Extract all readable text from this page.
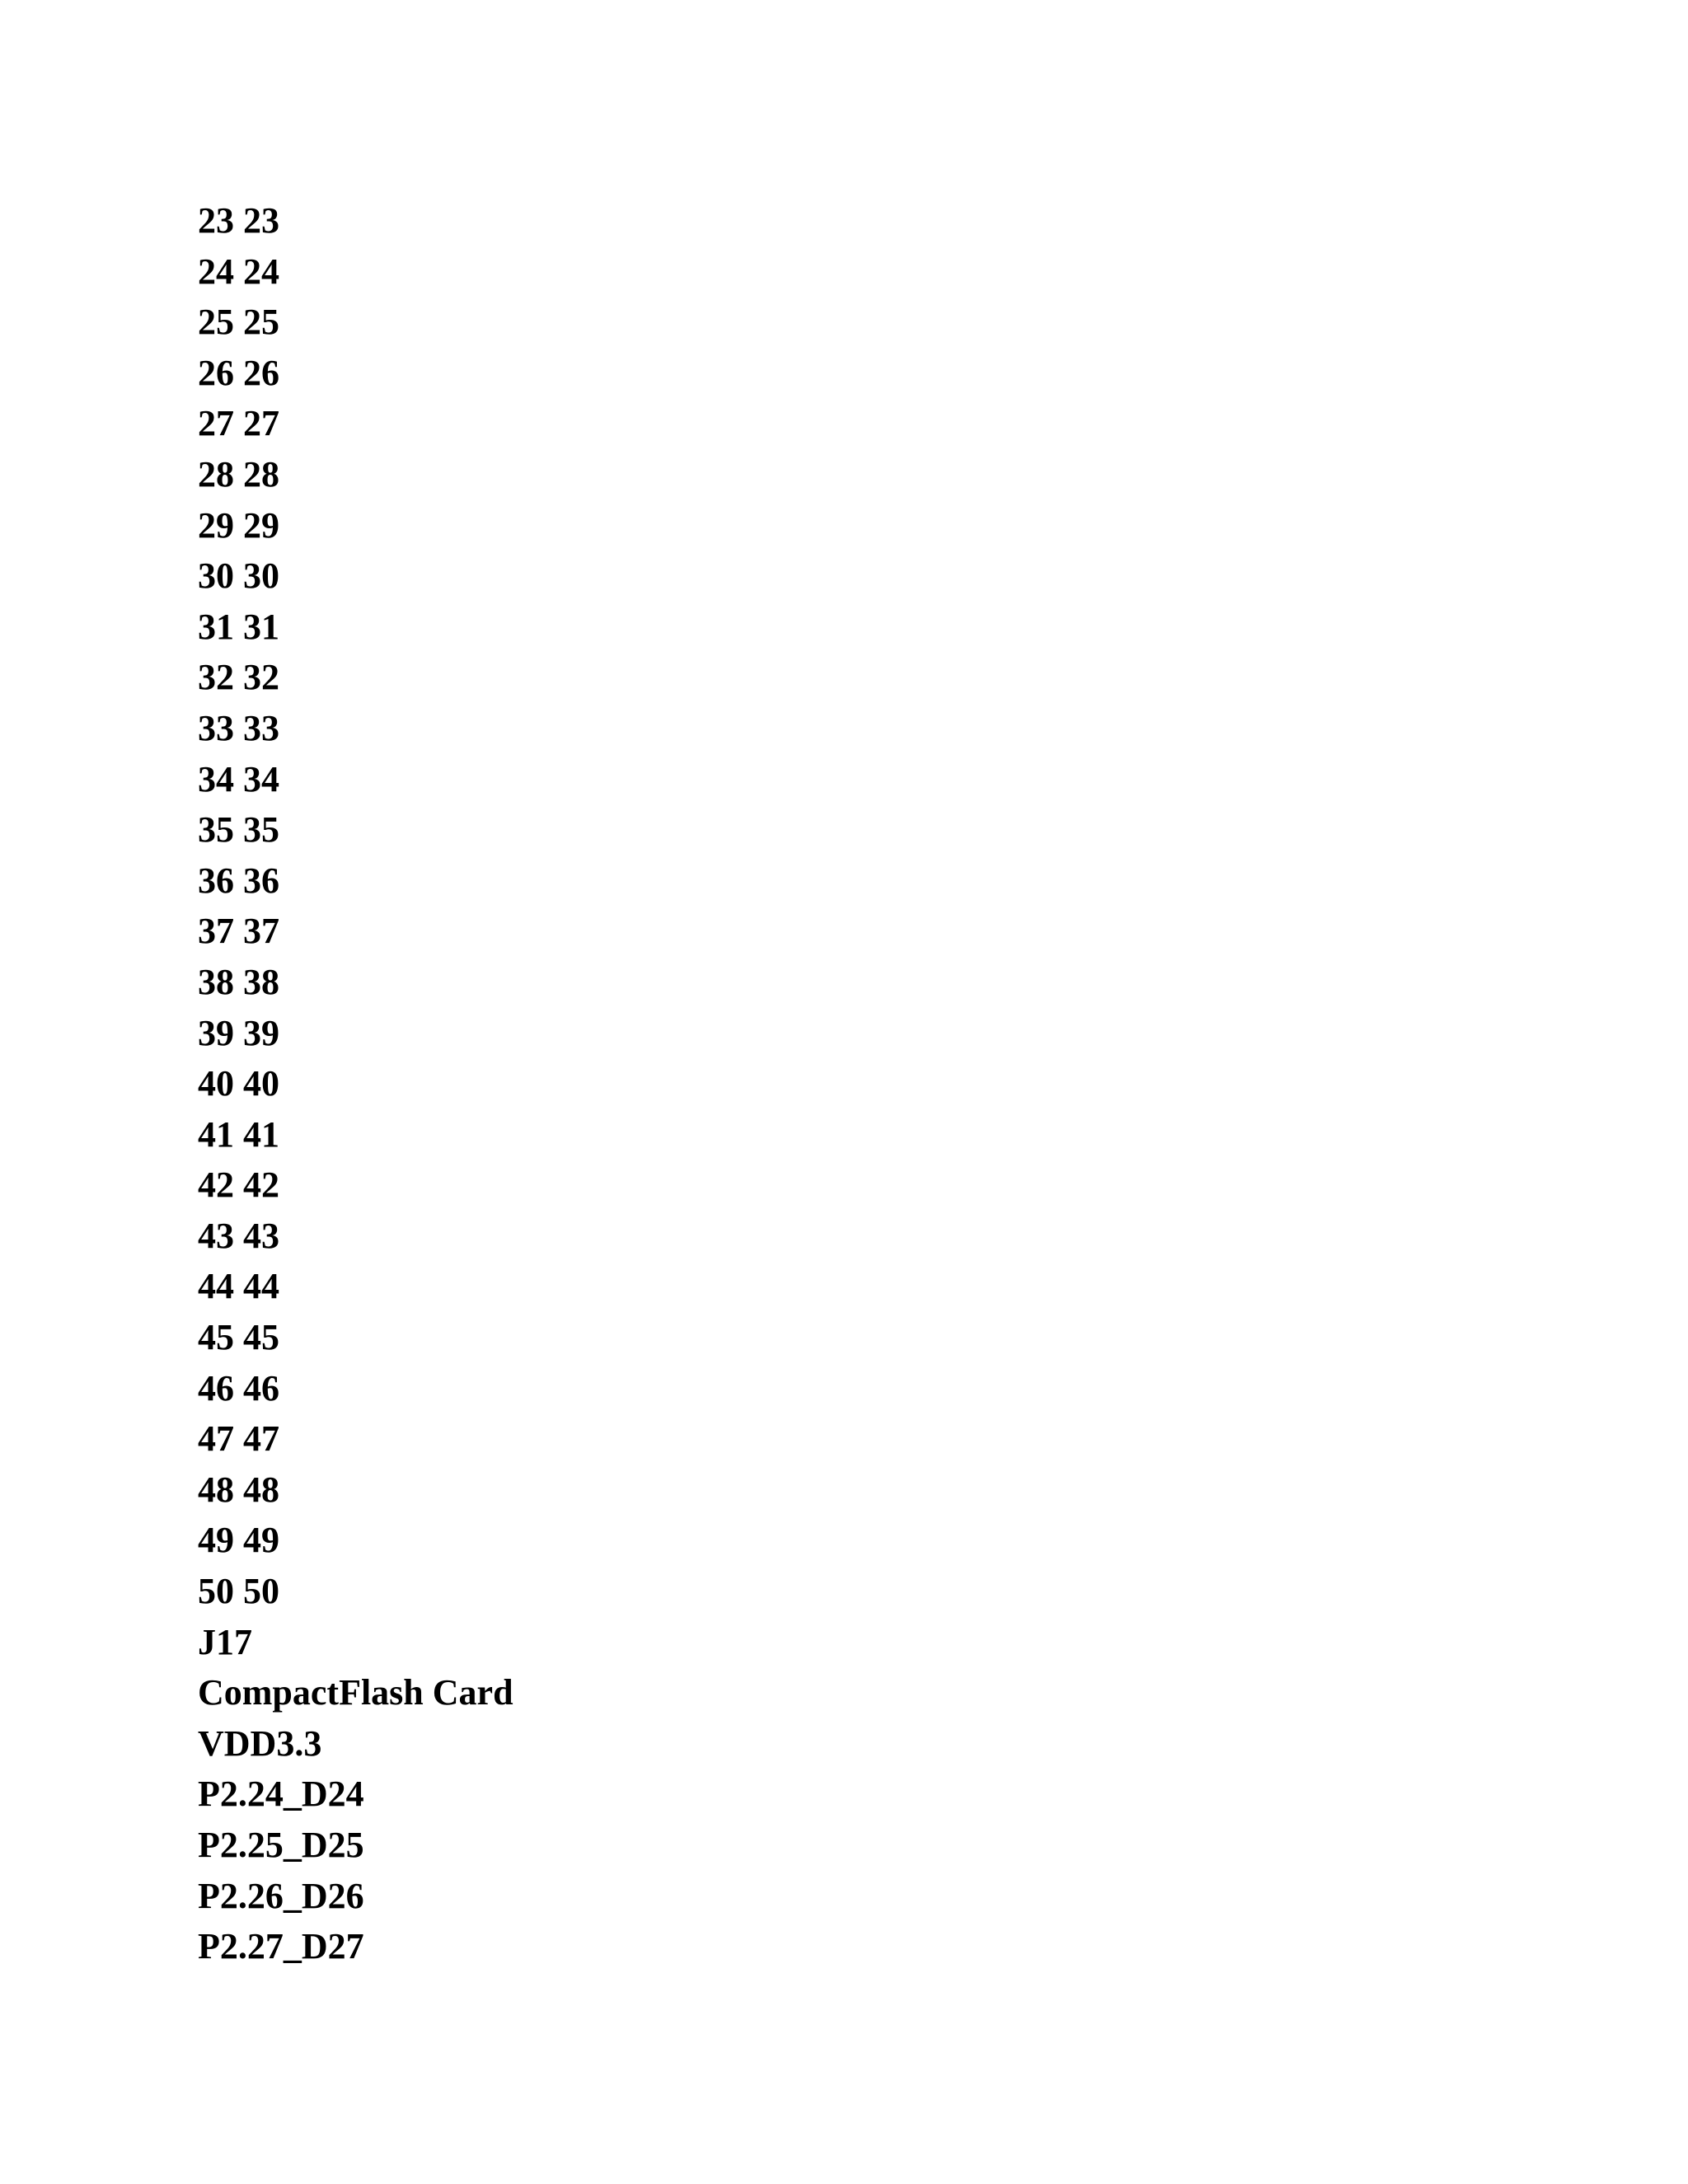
23 23
24 24
25 25
26 26
27 27
28 28
29 29
30 30
31 31
32 32
33 33
34 34
35 35
36 36
37 37
38 38
39 39
40 40
41 41
42 42
43 43
44 44
45 45
46 46
47 47
48 48
49 49
50 50
J17
CompactFlash Card
VDD3.3
P2.24_D24
P2.25_D25
P2.26_D26
P2.27_D27
